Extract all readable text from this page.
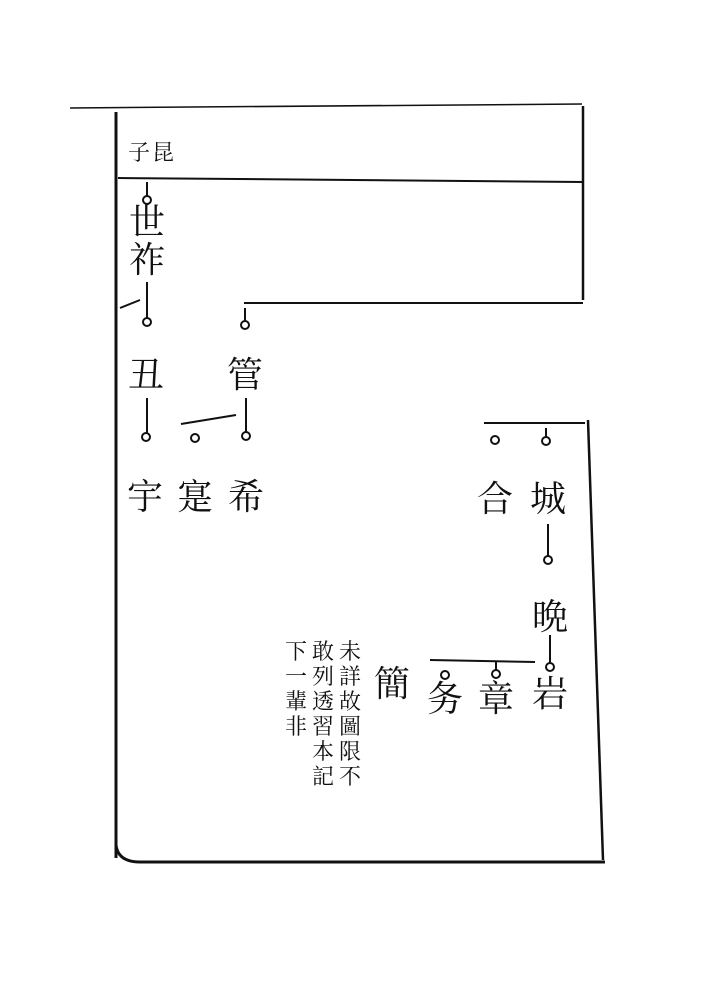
子昆
世祚
丑 管
宇 寔 希	合 城
晩
岩
章
务
簡
未詳故圖限不
敢列透習本記
下一輩非
